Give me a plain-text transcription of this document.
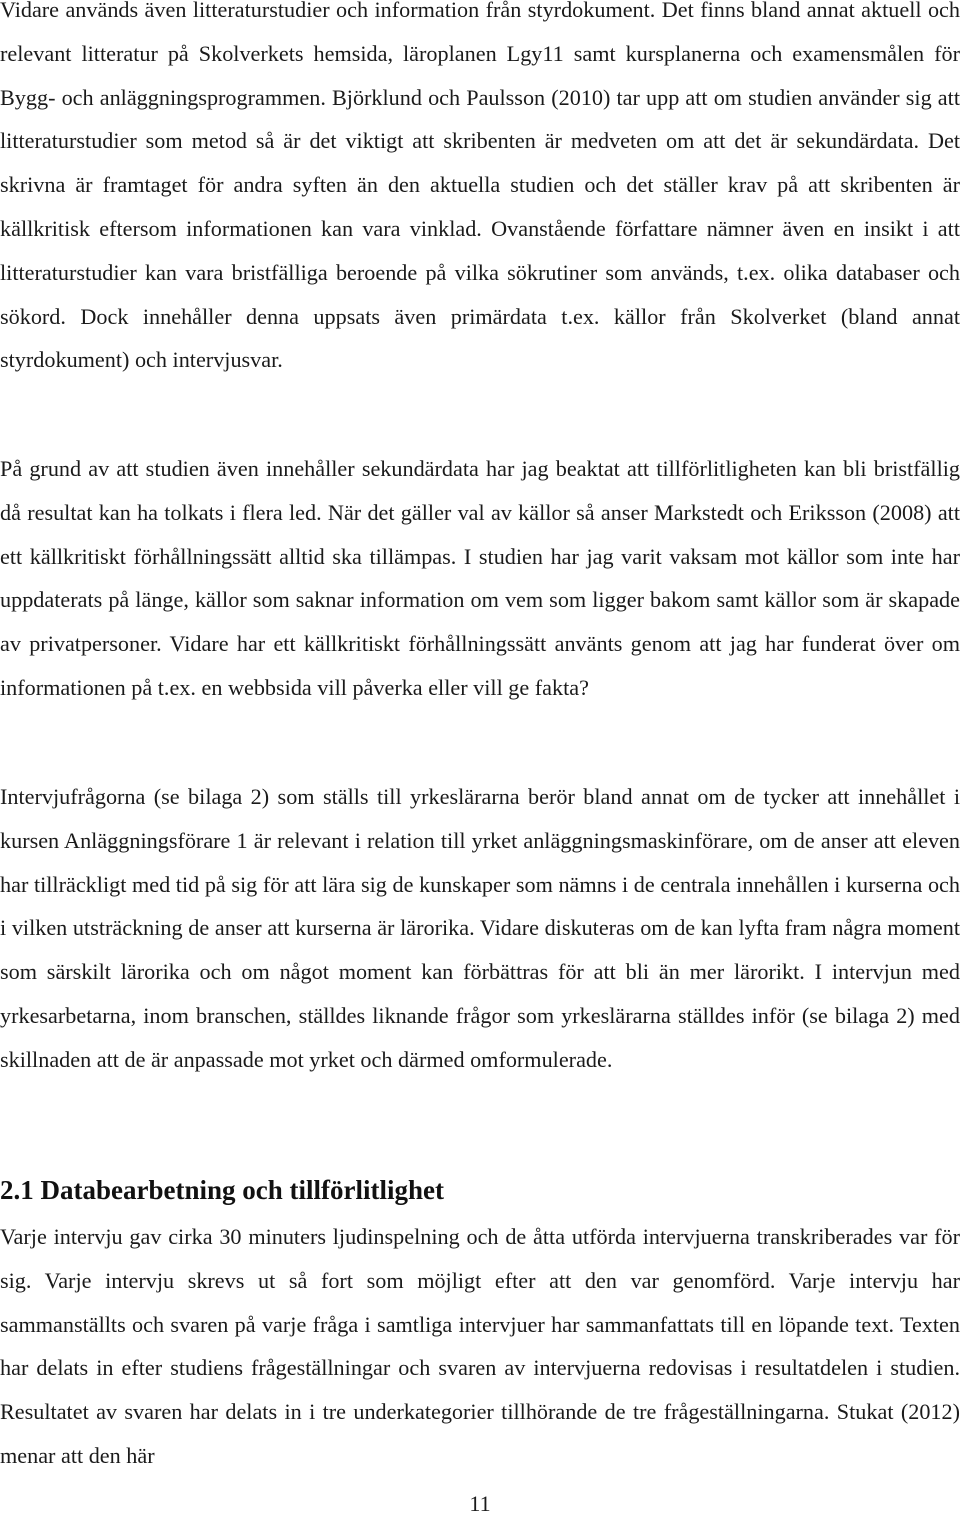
Vidare används även litteraturstudier och information från styrdokument. Det finns bland annat aktuell och relevant litteratur på Skolverkets hemsida, läroplanen Lgy11 samt kursplanerna och examensmålen för Bygg- och anläggningsprogrammen. Björklund och Paulsson (2010) tar upp att om studien använder sig att litteraturstudier som metod så är det viktigt att skribenten är medveten om att det är sekundärdata. Det skrivna är framtaget för andra syften än den aktuella studien och det ställer krav på att skribenten är källkritisk eftersom informationen kan vara vinklad. Ovanstående författare nämner även en insikt i att litteraturstudier kan vara bristfälliga beroende på vilka sökrutiner som används, t.ex. olika databaser och sökord. Dock innehåller denna uppsats även primärdata t.ex. källor från Skolverket (bland annat styrdokument) och intervjusvar.

På grund av att studien även innehåller sekundärdata har jag beaktat att tillförlitligheten kan bli bristfällig då resultat kan ha tolkats i flera led. När det gäller val av källor så anser Markstedt och Eriksson (2008) att ett källkritiskt förhållningssätt alltid ska tillämpas. I studien har jag varit vaksam mot källor som inte har uppdaterats på länge, källor som saknar information om vem som ligger bakom samt källor som är skapade av privatpersoner. Vidare har ett källkritiskt förhållningssätt använts genom att jag har funderat över om informationen på t.ex. en webbsida vill påverka eller vill ge fakta?

Intervjufrågorna (se bilaga 2) som ställs till yrkeslärarna berör bland annat om de tycker att innehållet i kursen Anläggningsförare 1 är relevant i relation till yrket anläggningsmaskinförare, om de anser att eleven har tillräckligt med tid på sig för att lära sig de kunskaper som nämns i de centrala innehållen i kurserna och i vilken utsträckning de anser att kurserna är lärorika. Vidare diskuteras om de kan lyfta fram några moment som särskilt lärorika och om något moment kan förbättras för att bli än mer lärorikt. I intervjun med yrkesarbetarna, inom branschen, ställdes liknande frågor som yrkeslärarna ställdes inför (se bilaga 2) med skillnaden att de är anpassade mot yrket och därmed omformulerade.

2.1 Databearbetning och tillförlitlighet

Varje intervju gav cirka 30 minuters ljudinspelning och de åtta utförda intervjuerna transkriberades var för sig. Varje intervju skrevs ut så fort som möjligt efter att den var genomförd. Varje intervju har sammanställts och svaren på varje fråga i samtliga intervjuer har sammanfattats till en löpande text. Texten har delats in efter studiens frågeställningar och svaren av intervjuerna redovisas i resultatdelen i studien. Resultatet av svaren har delats in i tre underkategorier tillhörande de tre frågeställningarna. Stukat (2012) menar att den här

11
